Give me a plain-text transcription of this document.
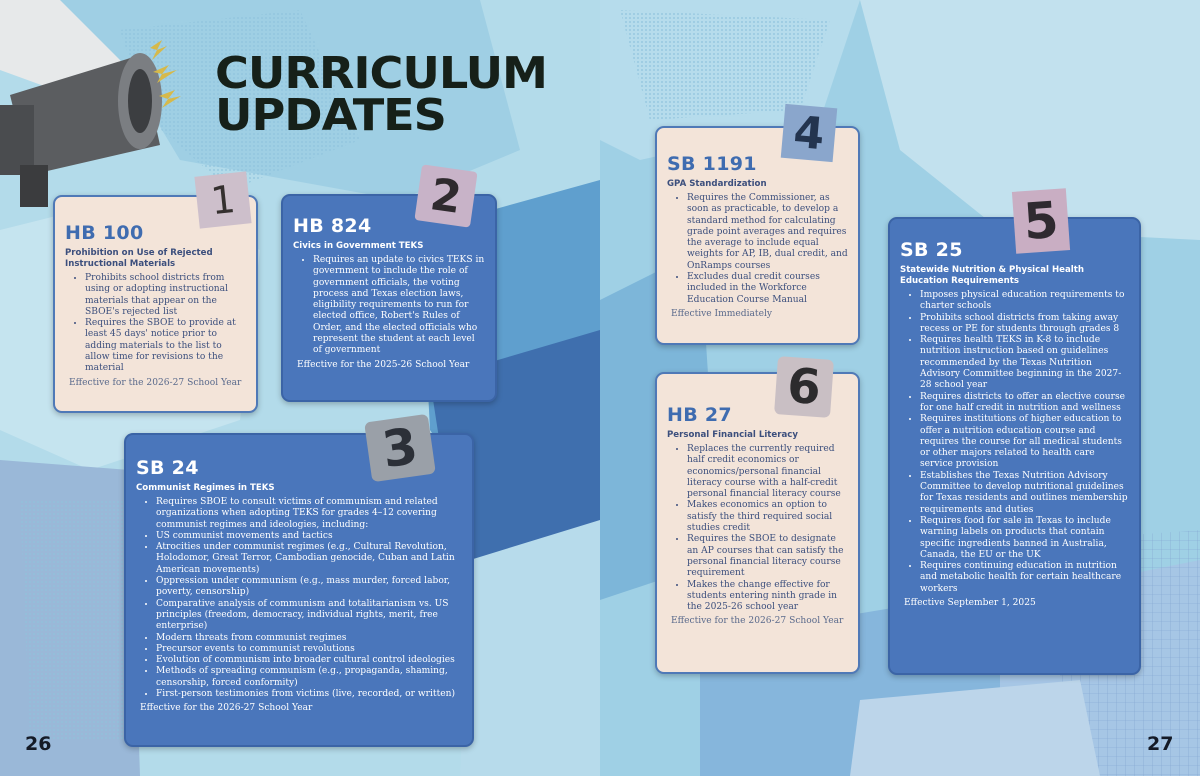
CURRICULUM
UPDATES
HB 100
Prohibition on Use of Rejected Instructional Materials
• Prohibits school districts from using or adopting instructional materials that appear on the SBOE's rejected list
• Requires the SBOE to provide at least 45 days' notice prior to adding materials to the list to allow time for revisions to the material
Effective for the 2026-27 School Year
1
HB 824
Civics in Government TEKS
• Requires an update to civics TEKS in government to include the role of government officials, the voting process and Texas election laws, eligibility requirements to run for elected office, Robert's Rules of Order, and the elected officials who represent the student at each level of government
Effective for the 2025-26 School Year
2
SB 24
Communist Regimes in TEKS
• Requires SBOE to consult victims of communism and related organizations when adopting TEKS for grades 4–12 covering communist regimes and ideologies, including:
• US communist movements and tactics
• Atrocities under communist regimes (e.g., Cultural Revolution, Holodomor, Great Terror, Cambodian genocide, Cuban and Latin American movements)
• Oppression under communism (e.g., mass murder, forced labor, poverty, censorship)
• Comparative analysis of communism and totalitarianism vs. US principles (freedom, democracy, individual rights, merit, free enterprise)
• Modern threats from communist regimes
• Precursor events to communist revolutions
• Evolution of communism into broader cultural control ideologies
• Methods of spreading communism (e.g., propaganda, shaming, censorship, forced conformity)
• First-person testimonies from victims (live, recorded, or written)
Effective for the 2026-27 School Year
3
SB 1191
GPA Standardization
• Requires the Commissioner, as soon as practicable, to develop a standard method for calculating grade point averages and requires the average to include equal weights for AP, IB, dual credit, and OnRamps courses
• Excludes dual credit courses included in the Workforce Education Course Manual
Effective Immediately
4
SB 25
Statewide Nutrition & Physical Health Education Requirements
• Imposes physical education requirements to charter schools
• Prohibits school districts from taking away recess or PE for students through grades 8
• Requires health TEKS in K-8 to include nutrition instruction based on guidelines recommended by the Texas Nutrition Advisory Committee beginning in the 2027-28 school year
• Requires districts to offer an elective course for one half credit in nutrition and wellness
• Requires institutions of higher education to offer a nutrition education course and requires the course for all medical students or other majors related to health care service provision
• Establishes the Texas Nutrition Advisory Committee to develop nutritional guidelines for Texas residents and outlines membership requirements and duties
• Requires food for sale in Texas to include warning labels on products that contain specific ingredients banned in Australia, Canada, the EU or the UK
• Requires continuing education in nutrition and metabolic health for certain healthcare workers
Effective September 1, 2025
5
HB 27
Personal Financial Literacy
• Replaces the currently required half credit economics or economics/personal financial literacy course with a half-credit personal financial literacy course
• Makes economics an option to satisfy the third required social studies credit
• Requires the SBOE to designate an AP courses that can satisfy the personal financial literacy course requirement
• Makes the change effective for students entering ninth grade in the 2025-26 school year
Effective for the 2026-27 School Year
6
26	27
